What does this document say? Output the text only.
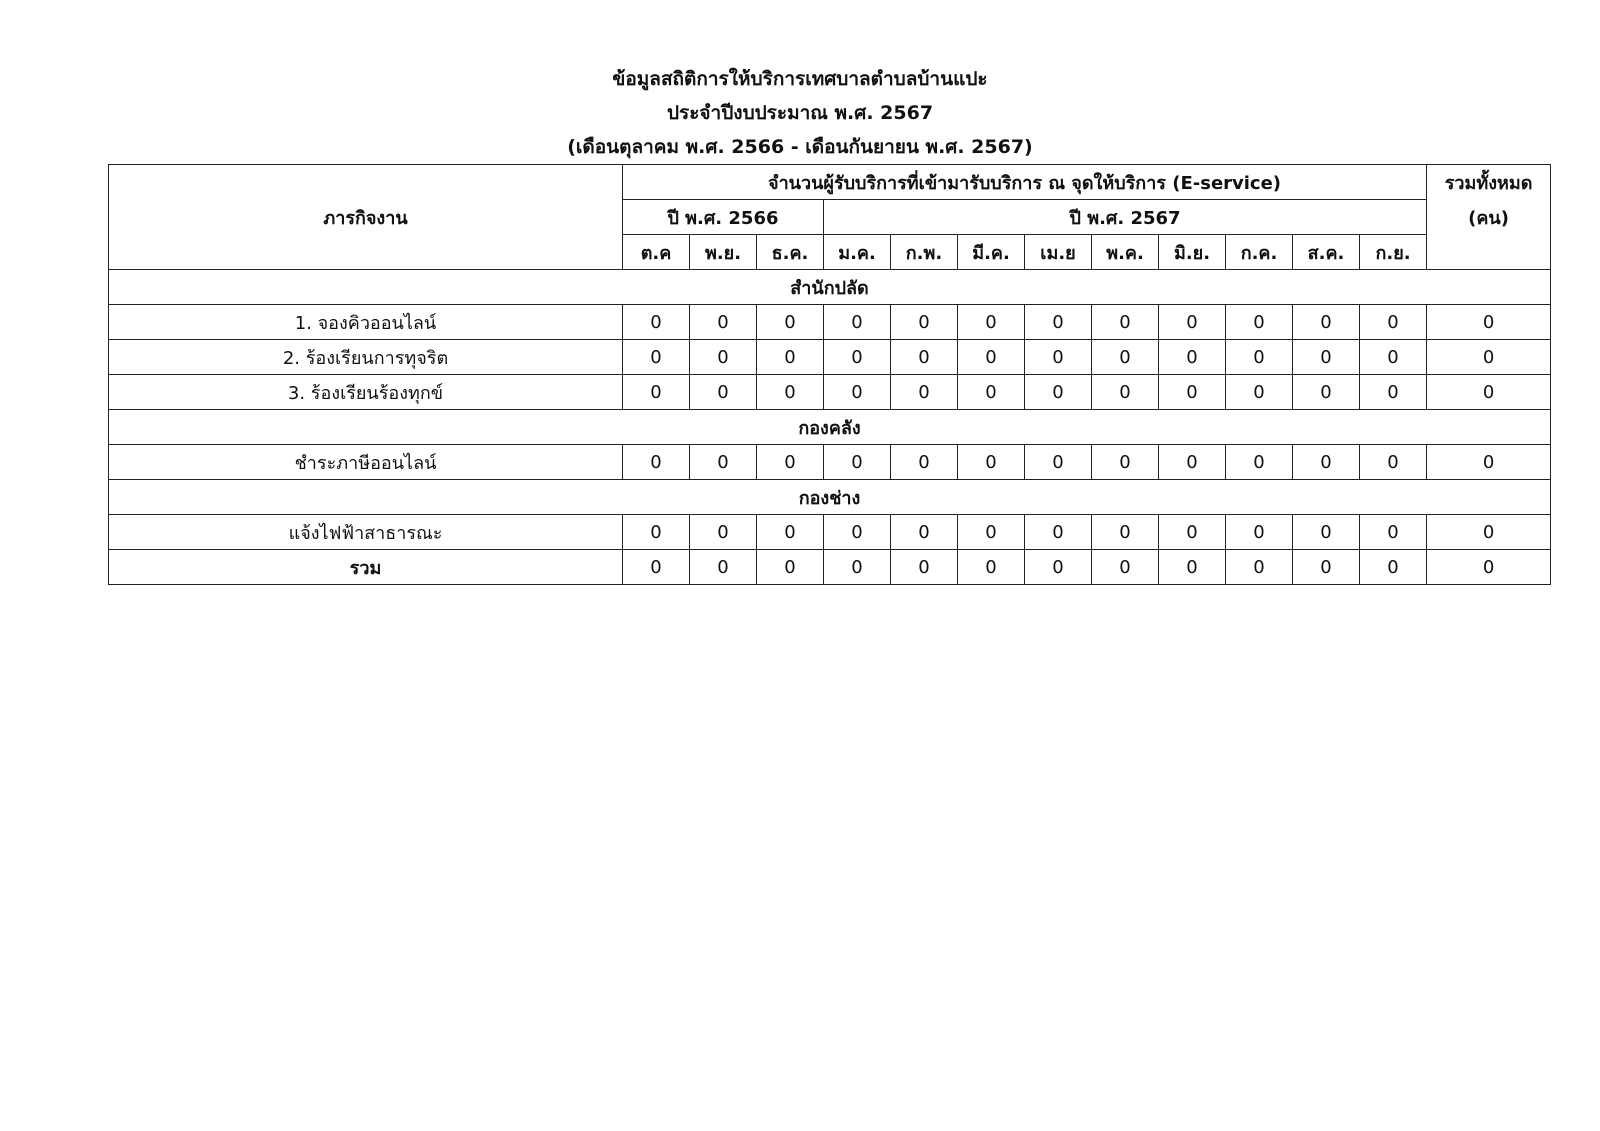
ข้อมูลสถิติการให้บริการเทศบาลตำบลบ้านแปะ
ประจำปีงบประมาณ พ.ศ. 2567
(เดือนตุลาคม พ.ศ. 2566 - เดือนกันยายน พ.ศ. 2567)
ภารกิจงาน	จำนวนผู้รับบริการที่เข้ามารับบริการ ณ จุดให้บริการ (E-service)												รวมทั้งหมด
	ปี พ.ศ. 2566			ปี พ.ศ. 2567									(คน)
	ต.ค	พ.ย.	ธ.ค.	ม.ค.	ก.พ.	มี.ค.	เม.ย	พ.ค.	มิ.ย.	ก.ค.	ส.ค.	ก.ย.	
สำนักปลัด													
1. จองคิวออนไลน์	0	0	0	0	0	0	0	0	0	0	0	0	0
2. ร้องเรียนการทุจริต	0	0	0	0	0	0	0	0	0	0	0	0	0
3. ร้องเรียนร้องทุกข์	0	0	0	0	0	0	0	0	0	0	0	0	0
กองคลัง													
ชำระภาษีออนไลน์	0	0	0	0	0	0	0	0	0	0	0	0	0
กองช่าง													
แจ้งไฟฟ้าสาธารณะ	0	0	0	0	0	0	0	0	0	0	0	0	0
รวม	0	0	0	0	0	0	0	0	0	0	0	0	0
